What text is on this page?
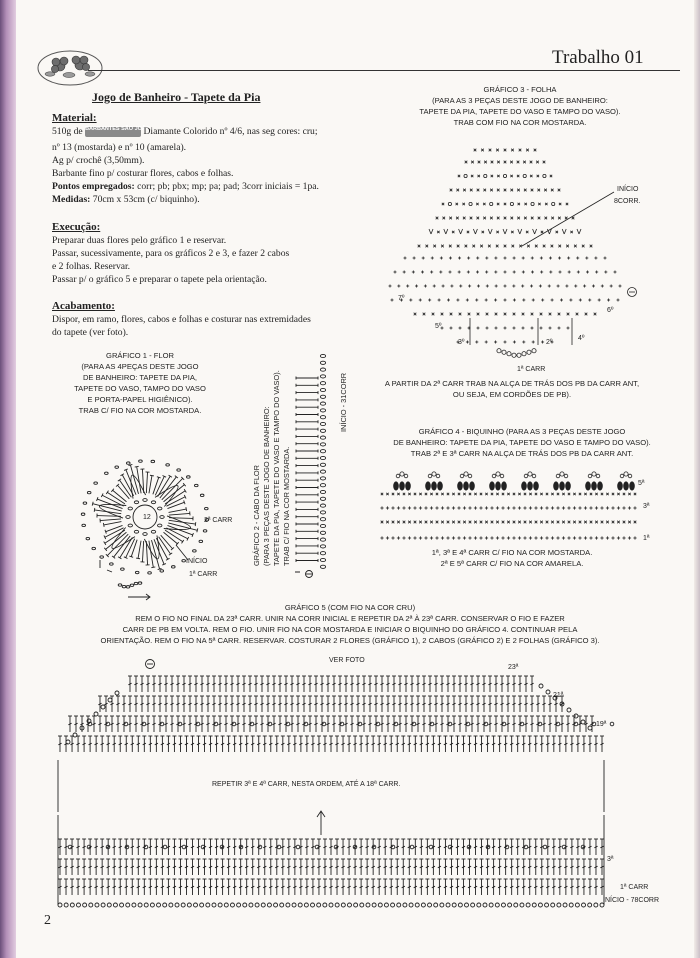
Trabalho 01
Jogo de Banheiro - Tapete da Pia
Material:
510g de BARBANTES SÃO JOÃO Diamante Colorido nº 4/6, nas seg cores: cru;
nº 13 (mostarda) e nº 10 (amarela).
Ag p/ crochê (3,50mm).
Barbante fino p/ costurar flores, cabos e folhas.
Pontos empregados: corr; pb; pbx; mp; pa; pad; 3corr iniciais = 1pa.
Medidas: 70cm x 53cm (c/ biquinho).
Execução:
Preparar duas flores pelo gráfico 1 e reservar.
Passar, sucessivamente, para os gráficos 2 e 3, e fazer 2 cabos
e 2 folhas. Reservar.
Passar p/ o gráfico 5 e preparar o tapete pela orientação.
Acabamento:
Dispor, em ramo, flores, cabos e folhas e costurar nas extremidades
do tapete (ver foto).
GRÁFICO 1 - FLOR
(PARA AS 4PEÇAS DESTE JOGO
DE BANHEIRO: TAPETE DA PIA,
TAPETE DO VASO, TAMPO DO VASO
E PORTA-PAPEL HIGIÊNICO).
TRAB C/ FIO NA COR MOSTARDA.
GRÁFICO 2 - CABO DA FLOR (PARA 3 PEÇAS DESTE JOGO DE BANHEIRO: TAPETE DA PIA, TAPETE DO VASO E TAMPO DO VASO). TRAB C/ FIO NA COR MOSTARDA.
INÍCIO - 31CORR
GRÁFICO 3 - FOLHA
(PARA AS 3 PEÇAS DESTE JOGO DE BANHEIRO:
TAPETE DA PIA, TAPETE DO VASO E TAMPO DO VASO).
TRAB COM FIO NA COR MOSTARDA.
A PARTIR DA 2ª CARR TRAB NA ALÇA DE TRÁS DOS PB DA CARR ANT,
OU SEJA, EM CORDÕES DE PB).
GRÁFICO 4 - BIQUINHO (PARA AS 3 PEÇAS DESTE JOGO
DE BANHEIRO: TAPETE DA PIA, TAPETE DO VASO E TAMPO DO VASO).
TRAB 2ª E 3ª CARR NA ALÇA DE TRÁS DOS PB DA CARR ANT.
1ª, 3ª E 4ª CARR C/ FIO NA COR MOSTARDA.
2ª E 5ª CARR C/ FIO NA COR AMARELA.
GRÁFICO 5 (COM FIO NA COR CRU)
REM O FIO NO FINAL DA 23ª CARR. UNIR NA CORR INICIAL E REPETIR DA 2ª À 23ª CARR. CONSERVAR O FIO E FAZER
CARR DE PB EM VOLTA. REM O FIO. UNIR FIO NA COR MOSTARDA E INICIAR O BIQUINHO DO GRÁFICO 4. CONTINUAR PELA
ORIENTAÇÃO. REM O FIO NA 5ª CARR. RESERVAR. COSTURAR 2 FLORES (GRÁFICO 1), 2 CABOS (GRÁFICO 2) E 2 FOLHAS (GRÁFICO 3).
12	2ª CARR
INÍCIO
1ª CARR
INÍCIO
8CORR.
7º
6º
5º
3º	2º
4º
1ª CARR
5ª
3ª
1ª
VER FOTO
23ª
21ª
19ª
REPETIR 3ª E 4ª CARR, NESTA ORDEM, ATÉ A 18ª CARR.
3ª
1ª CARR
INÍCIO - 78CORR
2
